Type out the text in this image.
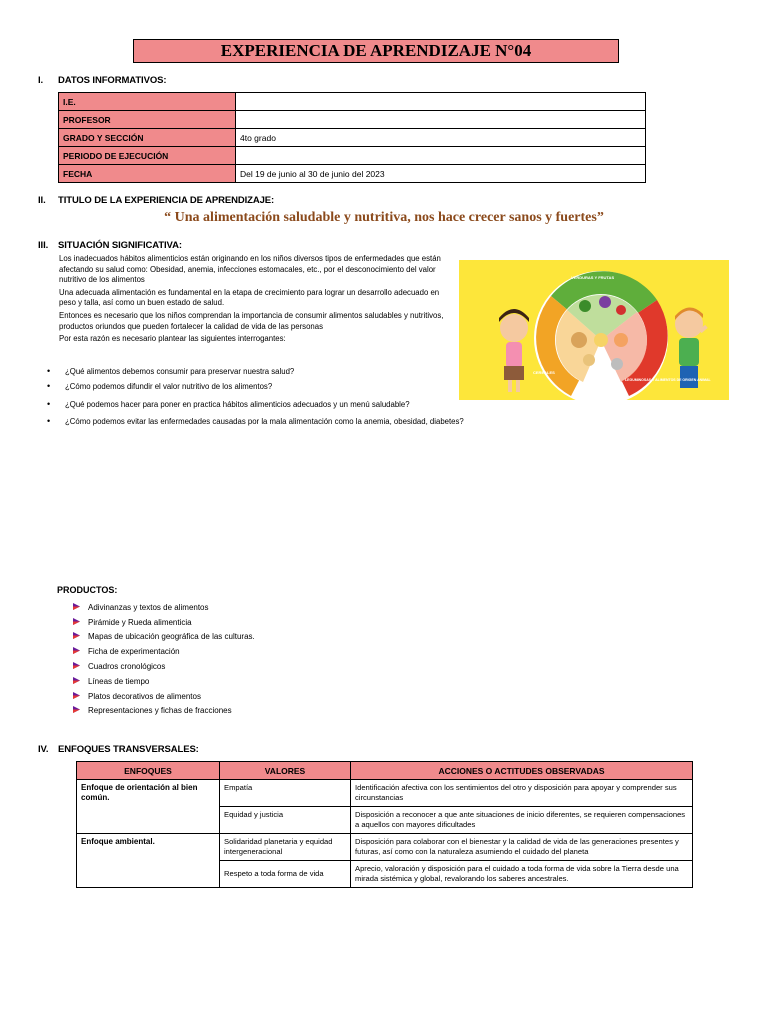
EXPERIENCIA DE APRENDIZAJE N°04
I. DATOS INFORMATIVOS:
I.E.	
PROFESOR	
GRADO Y SECCIÓN	4to grado
PERIODO DE EJECUCIÓN	
FECHA	Del 19 de junio al 30 de junio del 2023
II. TITULO DE LA EXPERIENCIA DE APRENDIZAJE:
“ Una alimentación saludable y nutritiva, nos hace crecer sanos y fuertes”
III. SITUACIÓN SIGNIFICATIVA:

Los inadecuados hábitos alimenticios están originando en los niños diversos tipos de enfermedades que están afectando su salud como: Obesidad, anemia, infecciones estomacales, etc., por el desconocimiento del valor nutritivo de los alimentos

Una adecuada alimentación es fundamental en la etapa de crecimiento para lograr un desarrollo adecuado en peso y talla, así como un buen estado de salud.

Entonces es necesario que los niños comprendan la importancia de consumir alimentos saludables y nutritivos, productos oriundos que pueden fortalecer la calidad de vida de las personas

Por esta razón es necesario plantear las siguientes interrogantes:

• ¿Qué alimentos debemos consumir para preservar nuestra salud?
• ¿Cómo podemos difundir el valor nutritivo de los alimentos?
• ¿Qué podemos hacer para poner en practica hábitos alimenticios adecuados y un menú saludable?
• ¿Cómo podemos evitar las enfermedades causadas por la mala alimentación como la anemia, obesidad, diabetes?
VERDURAS Y FRUTAS
CEREALES
LEGUMINOSAS Y ALIMENTOS DE ORIGEN ANIMAL
PRODUCTOS:
Adivinanzas y textos de alimentos
Pirámide y Rueda alimenticia
Mapas de ubicación geográfica de las culturas.
Ficha de experimentación
Cuadros cronológicos
Líneas de tiempo
Platos decorativos de alimentos
Representaciones y fichas de fracciones
IV. ENFOQUES TRANSVERSALES:
ENFOQUES	VALORES	ACCIONES O ACTITUDES OBSERVADAS
Enfoque de orientación al bien común.	Empatía	Identificación afectiva con los sentimientos del otro y disposición para apoyar y comprender sus circunstancias
	Equidad y justicia	Disposición a reconocer a que ante situaciones de inicio diferentes, se requieren compensaciones a aquellos con mayores dificultades
Enfoque ambiental.	Solidaridad planetaria y equidad intergeneracional	Disposición para colaborar con el bienestar y la calidad de vida de las generaciones presentes y futuras, así como con la naturaleza asumiendo el cuidado del planeta
	Respeto a toda forma de vida	Aprecio, valoración y disposición para el cuidado a toda forma de vida sobre la Tierra desde una mirada sistémica y global, revalorando los saberes ancestrales.
